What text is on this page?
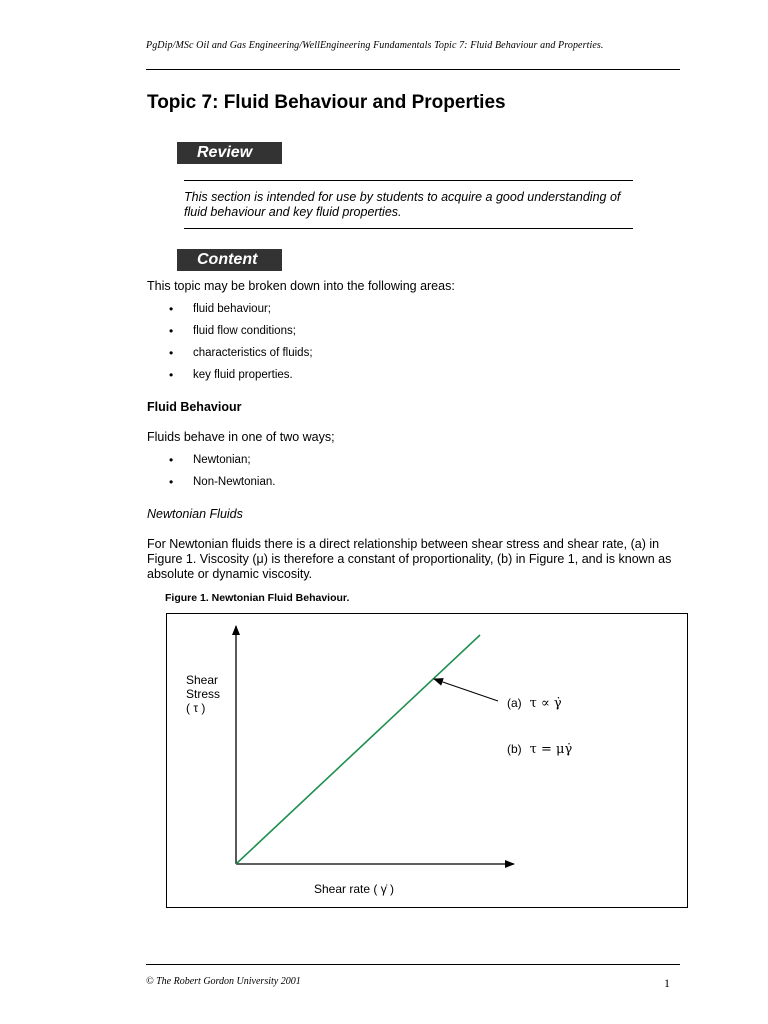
PgDip/MSc Oil and Gas Engineering/WellEngineering Fundamentals Topic 7: Fluid Behaviour and Properties.
Topic 7: Fluid Behaviour and Properties
Review
This section is intended for use by students to acquire a good understanding of fluid behaviour and key fluid properties.
Content
This topic may be broken down into the following areas:
• fluid behaviour;
• fluid flow conditions;
• characteristics of fluids;
• key fluid properties.
Fluid Behaviour
Fluids behave in one of two ways;
• Newtonian;
• Non-Newtonian.
Newtonian Fluids
For Newtonian fluids there is a direct relationship between shear stress and shear rate, (a) in Figure 1. Viscosity (μ) is therefore a constant of proportionality, (b) in Figure 1, and is known as absolute or dynamic viscosity.
Figure 1. Newtonian Fluid Behaviour.
Shear
Stress
( τ )
Shear rate ( γ̇ )
(a) τ ∝ γ̇
(b) τ = μγ̇
© The Robert Gordon University 2001	1
